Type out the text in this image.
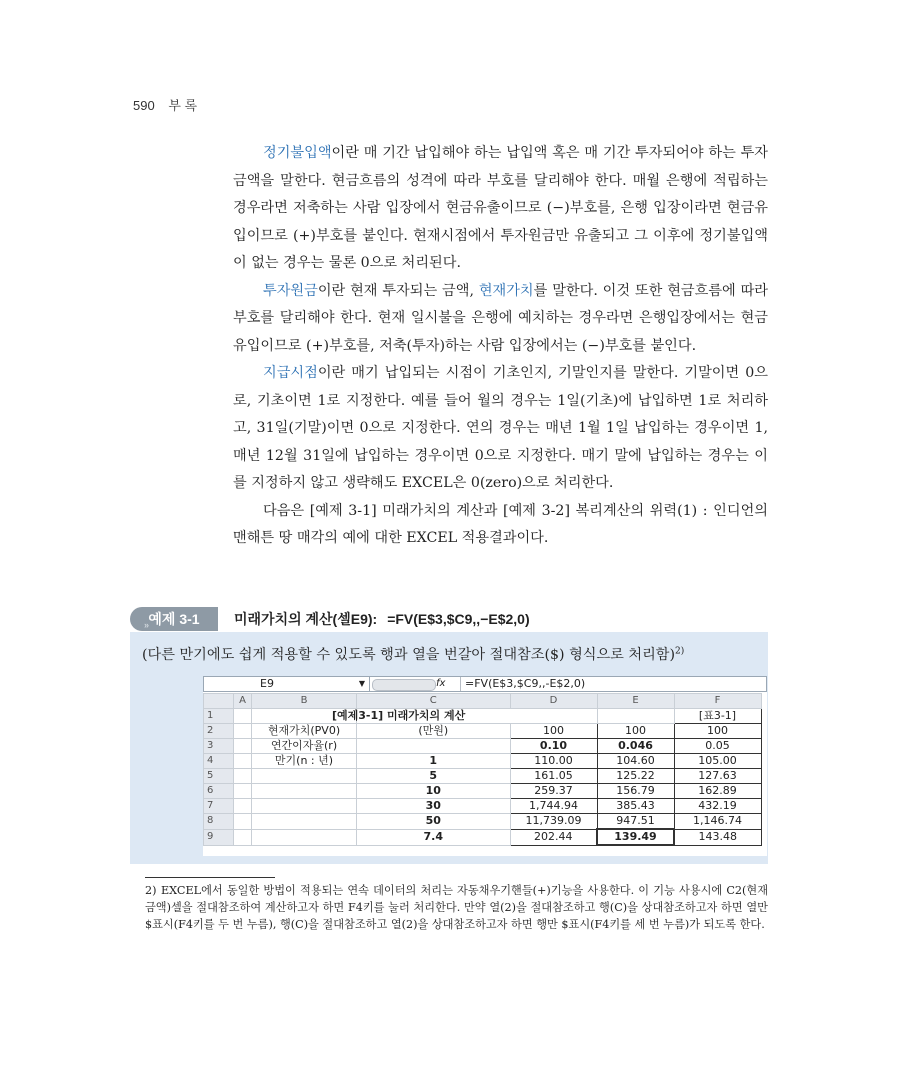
590 부 록

정기불입액이란 매 기간 납입해야 하는 납입액 혹은 매 기간 투자되어야 하는 투자금액을 말한다. 현금흐름의 성격에 따라 부호를 달리해야 한다. 매월 은행에 적립하는 경우라면 저축하는 사람 입장에서 현금유출이므로 (−)부호를, 은행 입장이라면 현금유입이므로 (+)부호를 붙인다. 현재시점에서 투자원금만 유출되고 그 이후에 정기불입액이 없는 경우는 물론 0으로 처리된다.

투자원금이란 현재 투자되는 금액, 현재가치를 말한다. 이것 또한 현금흐름에 따라 부호를 달리해야 한다. 현재 일시불을 은행에 예치하는 경우라면 은행입장에서는 현금유입이므로 (+)부호를, 저축(투자)하는 사람 입장에서는 (−)부호를 붙인다.

지급시점이란 매기 납입되는 시점이 기초인지, 기말인지를 말한다. 기말이면 0으로, 기초이면 1로 지정한다. 예를 들어 월의 경우는 1일(기초)에 납입하면 1로 처리하고, 31일(기말)이면 0으로 지정한다. 연의 경우는 매년 1월 1일 납입하는 경우이면 1, 매년 12월 31일에 납입하는 경우이면 0으로 지정한다. 매기 말에 납입하는 경우는 이를 지정하지 않고 생략해도 EXCEL은 0(zero)으로 처리한다.

다음은 [예제 3-1] 미래가치의 계산과 [예제 3-2] 복리계산의 위력(1) : 인디언의 맨해튼 땅 매각의 예에 대한 EXCEL 적용결과이다.

예제 3-1
»	미래가치의 계산(셀E9): =FV(E$3,$C9,,−E$2,0)
(다른 만기에도 쉽게 적용할 수 있도록 행과 열을 번갈아 절대참조($) 형식으로 처리함)$^{2)}$
E9	▼	fx	=FV(E$3,$C9,,-E$2,0)
	A	B	C	D	E	F
1			[예제3-1] 미래가치의 계산			[표3-1]
2		현재가치(PV0)	(만원)	100	100	100
3		연간이자율(r)		0.10	0.046	0.05
4		만기(n : 년)	1	110.00	104.60	105.00
5			5	161.05	125.22	127.63
6			10	259.37	156.79	162.89
7			30	1,744.94	385.43	432.19
8			50	11,739.09	947.51	1,146.74
9			7.4	202.44	139.49	143.48
2) EXCEL에서 동일한 방법이 적용되는 연속 데이터의 처리는 자동채우기핸들(+)기능을 사용한다. 이 기능 사용시에 C2(현재금액)셀을 절대참조하여 계산하고자 하면 F4키를 눌러 처리한다. 만약 열(2)을 절대참조하고 행(C)을 상대참조하고자 하면 열만 $표시(F4키를 두 번 누름), 행(C)을 절대참조하고 열(2)을 상대참조하고자 하면 행만 $표시(F4키를 세 번 누름)가 되도록 한다.
